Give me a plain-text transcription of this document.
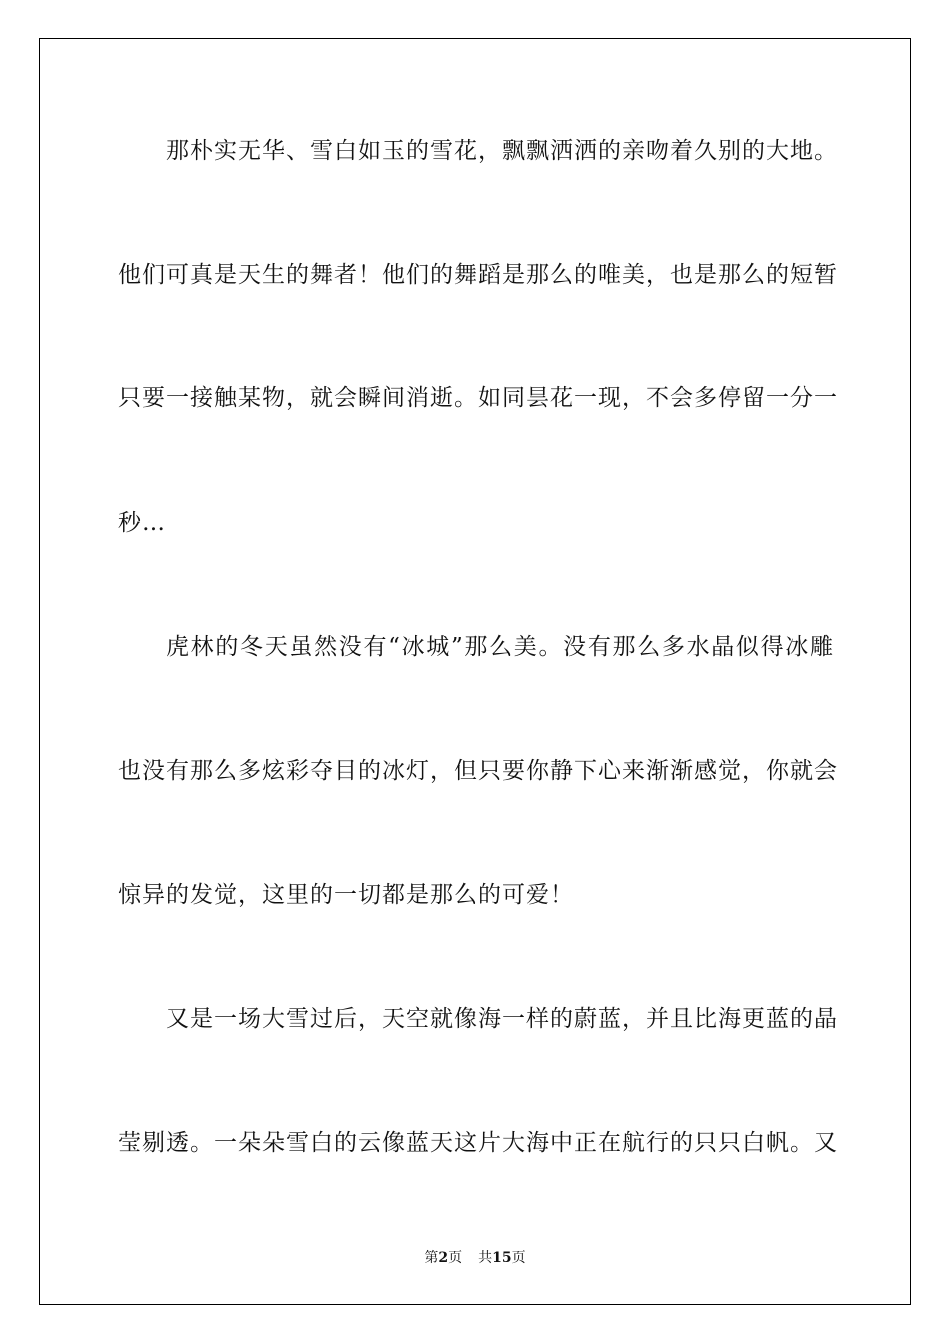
那朴实无华、雪白如玉的雪花，飘飘洒洒的亲吻着久别的大地。

他们可真是天生的舞者！他们的舞蹈是那么的唯美，也是那么的短暂

只要一接触某物，就会瞬间消逝。如同昙花一现，不会多停留一分一

秒…

虎林的冬天虽然没有“冰城”那么美。没有那么多水晶似得冰雕

也没有那么多炫彩夺目的冰灯，但只要你静下心来渐渐感觉，你就会

惊异的发觉，这里的一切都是那么的可爱！

又是一场大雪过后，天空就像海一样的蔚蓝，并且比海更蓝的晶

莹剔透。一朵朵雪白的云像蓝天这片大海中正在航行的只只白帆。又

第2页 共15页
